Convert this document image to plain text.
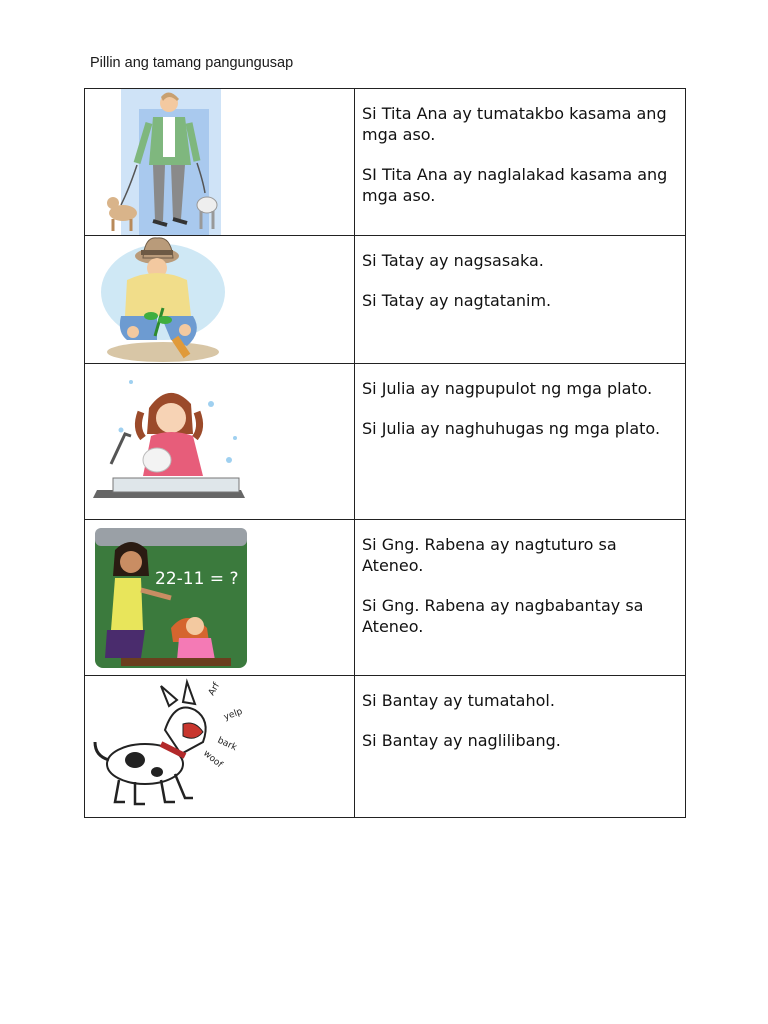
Pillin ang tamang pangungusap

Si Tita Ana ay tumatakbo kasama ang mga aso.

SI Tita Ana ay naglalakad kasama ang mga aso.

Si Tatay ay nagsasaka.

Si Tatay ay nagtatanim.

Si Julia ay nagpupulot ng mga plato.

Si Julia ay naghuhugas ng mga plato.

22-11 = ?

Si Gng. Rabena ay nagtuturo sa Ateneo.

Si Gng. Rabena ay nagbabantay sa Ateneo.

Arf
yelp
bark
woof

Si Bantay ay tumatahol.

Si Bantay ay naglilibang.
